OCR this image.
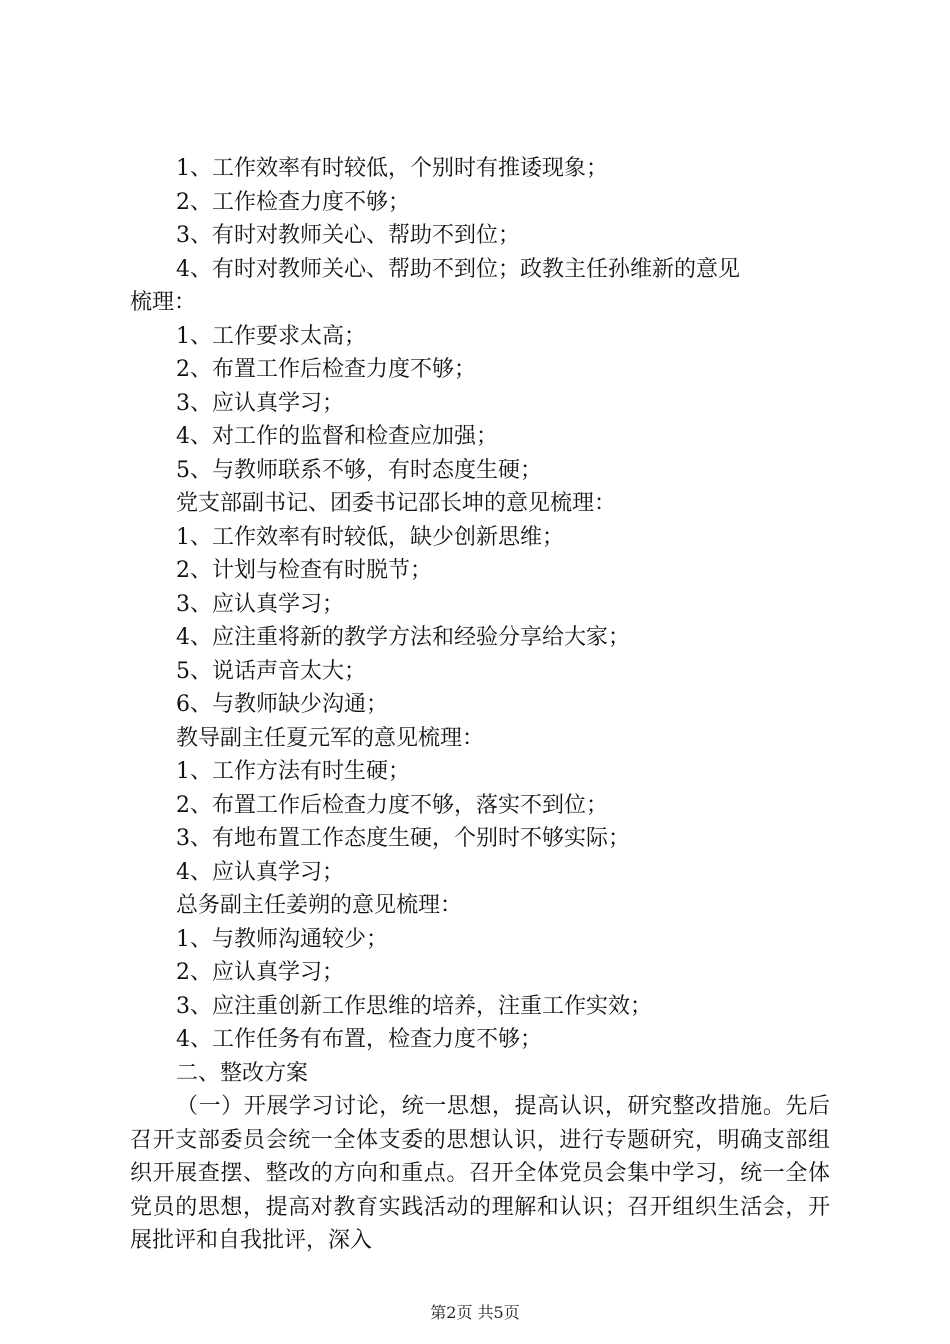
1、工作效率有时较低，个别时有推诿现象；
2、工作检查力度不够；
3、有时对教师关心、帮助不到位；
4、有时对教师关心、帮助不到位；政教主任孙维新的意见
梳理：
1、工作要求太高；
2、布置工作后检查力度不够；
3、应认真学习；
4、对工作的监督和检查应加强；
5、与教师联系不够，有时态度生硬；
党支部副书记、团委书记邵长坤的意见梳理：
1、工作效率有时较低，缺少创新思维；
2、计划与检查有时脱节；
3、应认真学习；
4、应注重将新的教学方法和经验分享给大家；
5、说话声音太大；
6、与教师缺少沟通；
教导副主任夏元军的意见梳理：
1、工作方法有时生硬；
2、布置工作后检查力度不够，落实不到位；
3、有地布置工作态度生硬，个别时不够实际；
4、应认真学习；
总务副主任姜朔的意见梳理：
1、与教师沟通较少；
2、应认真学习；
3、应注重创新工作思维的培养，注重工作实效；
4、工作任务有布置，检查力度不够；
二、整改方案
（一）开展学习讨论，统一思想，提高认识，研究整改措施。先后召开支部委员会统一全体支委的思想认识，进行专题研究，明确支部组织开展查摆、整改的方向和重点。召开全体党员会集中学习，统一全体党员的思想，提高对教育实践活动的理解和认识；召开组织生活会，开展批评和自我批评，深入
第2页 共5页
